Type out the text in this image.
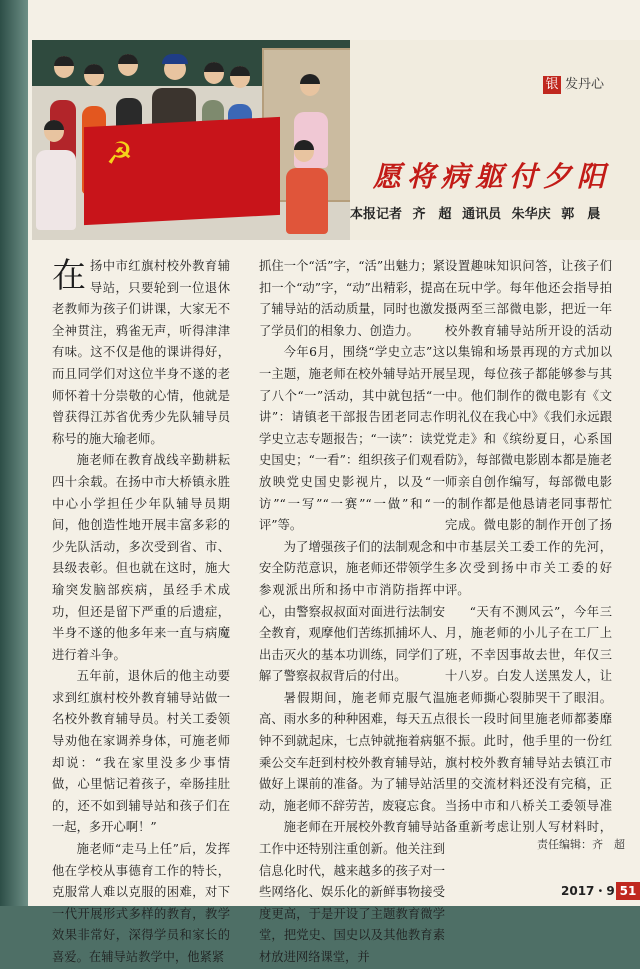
☭
银 发丹心
愿将病躯付夕阳
本报记者 齐　超 通讯员 朱华庆 郭　晨

在扬中市红旗村校外教育辅导站，只要轮到一位退休老教师为孩子们讲课，大家无不全神贯注，鸦雀无声，听得津津有味。这不仅是他的课讲得好，而且同学们对这位半身不遂的老师怀着十分崇敬的心情，他就是曾获得江苏省优秀少先队辅导员称号的施大瑜老师。

施老师在教育战线辛勤耕耘四十余载。在扬中市大桥镇永胜中心小学担任少年队辅导员期间，他创造性地开展丰富多彩的少先队活动，多次受到省、市、县级表彰。但也就在这时，施大瑜突发脑部疾病，虽经手术成功，但还是留下严重的后遗症，半身不遂的他多年来一直与病魔进行着斗争。

五年前，退休后的他主动要求到红旗村校外教育辅导站做一名校外教育辅导员。村关工委领导劝他在家调养身体，可施老师却说：“我在家里没多少事情做，心里惦记着孩子，牵肠挂肚的，还不如到辅导站和孩子们在一起，多开心啊！”

施老师“走马上任”后，发挥他在学校从事德育工作的特长，克服常人难以克服的困难，对下一代开展形式多样的教育，教学效果非常好，深得学员和家长的喜爱。在辅导站教学中，他紧紧

抓住一个“活”字，“活”出魅力；紧扣一个“动”字，“动”出精彩，提高了辅导站的活动质量，同时也激发了学员们的相象力、创造力。

今年6月，围绕“学史立志”这一主题，施老师在校外辅导站开展了八个“一”活动，其中就包括“一讲”：请镇老干部报告团老同志作学史立志专题报告；“一读”：读党史国史；“一看”：组织孩子们观看放映党史国史影视片，以及“一访”“一写”“一赛”“一做”和“一评”等。

为了增强孩子们的法制观念和安全防范意识，施老师还带领学生参观派出所和扬中市消防指挥中心，由警察叔叔面对面进行法制安全教育，观摩他们苦练抓捕坏人、出击灭火的基本功训练，同学们了解了警察叔叔背后的付出。

暑假期间，施老师克服气温高、雨水多的种种困难，每天五点钟不到就起床，七点钟就拖着病躯乘公交车赶到村校外教育辅导站，做好上课前的准备。为了辅导站活动，施老师不辞劳苦，废寝忘食。

施老师在开展校外教育辅导站工作中还特别注重创新。他关注到信息化时代，越来越多的孩子对一些网络化、娱乐化的新鲜事物接受度更高，于是开设了主题教育微学堂，把党史、国史以及其他教育素材放进网络课堂，并

设置趣味知识问答，让孩子们在玩中学。每年他还会指导拍摄两至三部微电影，把近一年校外教育辅导站所开设的活动以集锦和场景再现的方式加以呈现，每位孩子都能够参与其中。他们制作的微电影有《文明礼仪在我心中》《我们永远跟党走》和《缤纷夏日，心系国防》，每部微电影剧本都是施老师亲自创作编写，每部微电影的制作都是他恳请老同事帮忙完成。微电影的制作开创了扬中市基层关工委工作的先河，多次受到扬中市关工委的好评。

“天有不测风云”，今年三月，施老师的小儿子在工厂上班，不幸因事故去世，年仅三十八岁。白发人送黑发人，让施老师撕心裂肺哭干了眼泪。很长一段时间里施老师都萎靡不振。此时，他手里的一份红旗村校外教育辅导站去镇江市里的交流材料还没有完稿，正当扬中市和八桥关工委领导准备重新考虑让别人写材料时，

责任编辑：齐　超
2017・9 51
